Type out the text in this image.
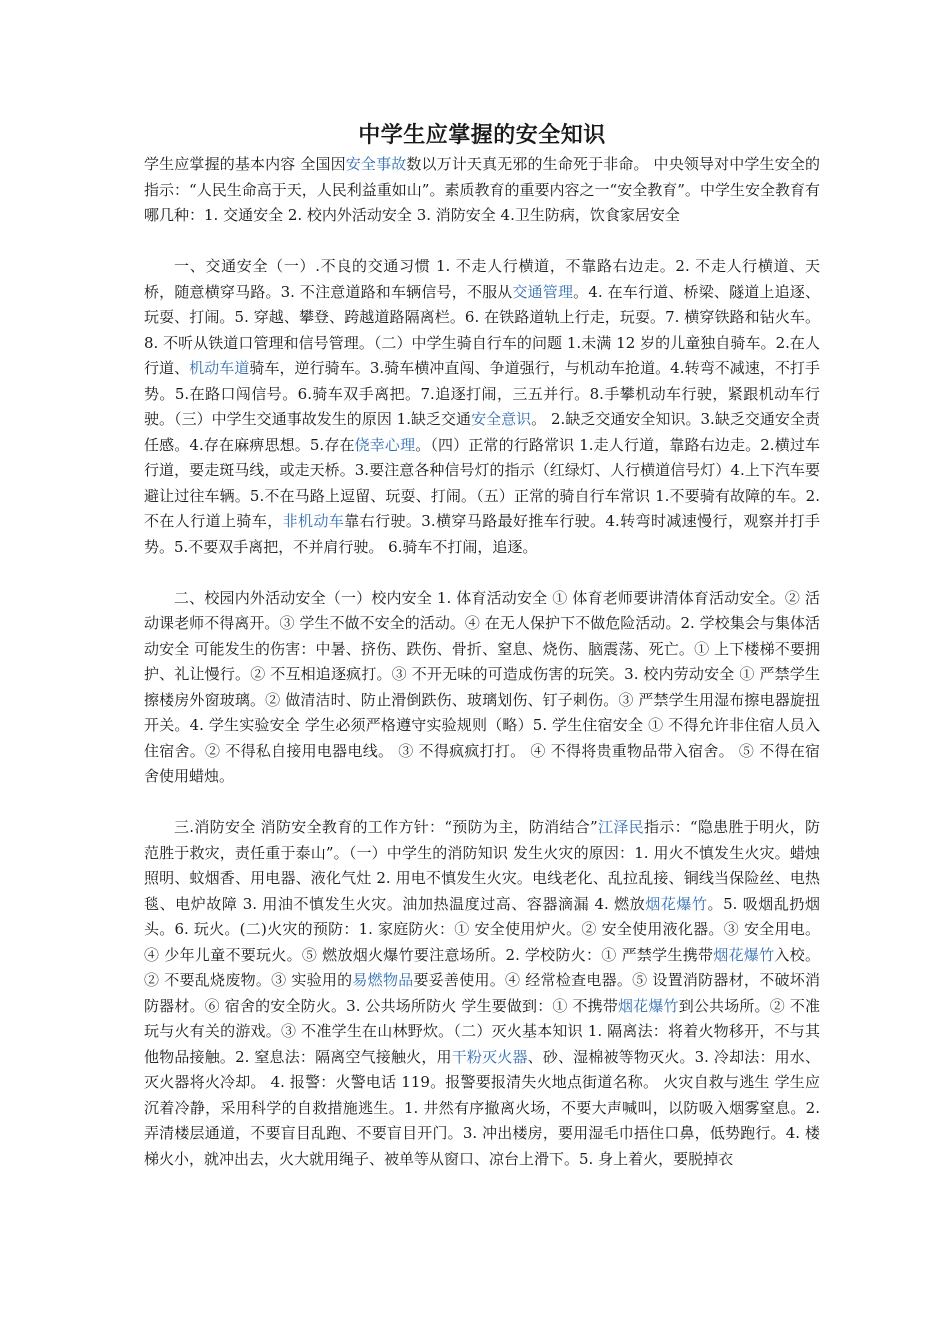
中学生应掌握的安全知识

学生应掌握的基本内容 全国因安全事故数以万计天真无邪的生命死于非命。 中央领导对中学生安全的指示：“人民生命高于天，人民利益重如山”。素质教育的重要内容之一“安全教育”。中学生安全教育有哪几种：1. 交通安全 2. 校内外活动安全 3. 消防安全 4.卫生防病，饮食家居安全

一、交通安全（一）.不良的交通习惯 1. 不走人行横道，不靠路右边走。2. 不走人行横道、天桥，随意横穿马路。3. 不注意道路和车辆信号，不服从交通管理。4. 在车行道、桥梁、隧道上追逐、玩耍、打闹。5. 穿越、攀登、跨越道路隔离栏。6. 在铁路道轨上行走，玩耍。7. 横穿铁路和钻火车。8. 不听从铁道口管理和信号管理。（二）中学生骑自行车的问题 1.未满 12 岁的儿童独自骑车。2.在人行道、机动车道骑车，逆行骑车。3.骑车横冲直闯、争道强行，与机动车抢道。4.转弯不减速，不打手势。5.在路口闯信号。6.骑车双手离把。7.追逐打闹，三五并行。8.手攀机动车行驶，紧跟机动车行驶。（三）中学生交通事故发生的原因 1.缺乏交通安全意识。 2.缺乏交通安全知识。3.缺乏交通安全责任感。4.存在麻痹思想。5.存在侥幸心理。（四）正常的行路常识 1.走人行道，靠路右边走。2.横过车行道，要走斑马线，或走天桥。3.要注意各种信号灯的指示（红绿灯、人行横道信号灯）4.上下汽车要避让过往车辆。5.不在马路上逗留、玩耍、打闹。（五）正常的骑自行车常识 1.不要骑有故障的车。2.不在人行道上骑车，非机动车靠右行驶。3.横穿马路最好推车行驶。4.转弯时减速慢行，观察并打手势。5.不要双手离把，不并肩行驶。 6.骑车不打闹，追逐。

二、校园内外活动安全（一）校内安全 1. 体育活动安全 ① 体育老师要讲清体育活动安全。② 活动课老师不得离开。③ 学生不做不安全的活动。④ 在无人保护下不做危险活动。2. 学校集会与集体活动安全 可能发生的伤害：中暑、挤伤、跌伤、骨折、窒息、烧伤、脑震荡、死亡。① 上下楼梯不要拥护、礼让慢行。② 不互相追逐疯打。③ 不开无味的可造成伤害的玩笑。3. 校内劳动安全 ① 严禁学生擦楼房外窗玻璃。② 做清洁时、防止滑倒跌伤、玻璃划伤、钉子刺伤。③ 严禁学生用湿布擦电器旋扭开关。4. 学生实验安全 学生必须严格遵守实验规则（略）5. 学生住宿安全 ① 不得允许非住宿人员入住宿舍。② 不得私自接用电器电线。 ③ 不得疯疯打打。 ④ 不得将贵重物品带入宿舍。 ⑤ 不得在宿舍使用蜡烛。

三.消防安全 消防安全教育的工作方针：“预防为主，防消结合”江泽民指示：“隐患胜于明火，防范胜于救灾，责任重于泰山”。（一）中学生的消防知识 发生火灾的原因：1. 用火不慎发生火灾。蜡烛照明、蚊烟香、用电器、液化气灶 2. 用电不慎发生火灾。电线老化、乱拉乱接、铜线当保险丝、电热毯、电炉故障 3. 用油不慎发生火灾。油加热温度过高、容器滴漏 4. 燃放烟花爆竹。5. 吸烟乱扔烟头。6. 玩火。(二)火灾的预防：1. 家庭防火：① 安全使用炉火。② 安全使用液化器。③ 安全用电。④ 少年儿童不要玩火。⑤ 燃放烟火爆竹要注意场所。2. 学校防火：① 严禁学生携带烟花爆竹入校。② 不要乱烧废物。③ 实验用的易燃物品要妥善使用。④ 经常检查电器。⑤ 设置消防器材，不破坏消防器材。⑥ 宿舍的安全防火。3. 公共场所防火 学生要做到：① 不携带烟花爆竹到公共场所。② 不准玩与火有关的游戏。③ 不准学生在山林野炊。（二）灭火基本知识 1. 隔离法：将着火物移开，不与其他物品接触。2. 窒息法：隔离空气接触火，用干粉灭火器、砂、湿棉被等物灭火。3. 冷却法：用水、灭火器将火冷却。 4. 报警：火警电话 119。报警要报清失火地点街道名称。 火灾自救与逃生 学生应沉着冷静，采用科学的自救措施逃生。1. 井然有序撤离火场，不要大声喊叫，以防吸入烟雾窒息。2. 弄清楼层通道，不要盲目乱跑、不要盲目开门。3. 冲出楼房，要用湿毛巾捂住口鼻，低势跑行。4. 楼梯火小，就冲出去，火大就用绳子、被单等从窗口、凉台上滑下。5. 身上着火，要脱掉衣
